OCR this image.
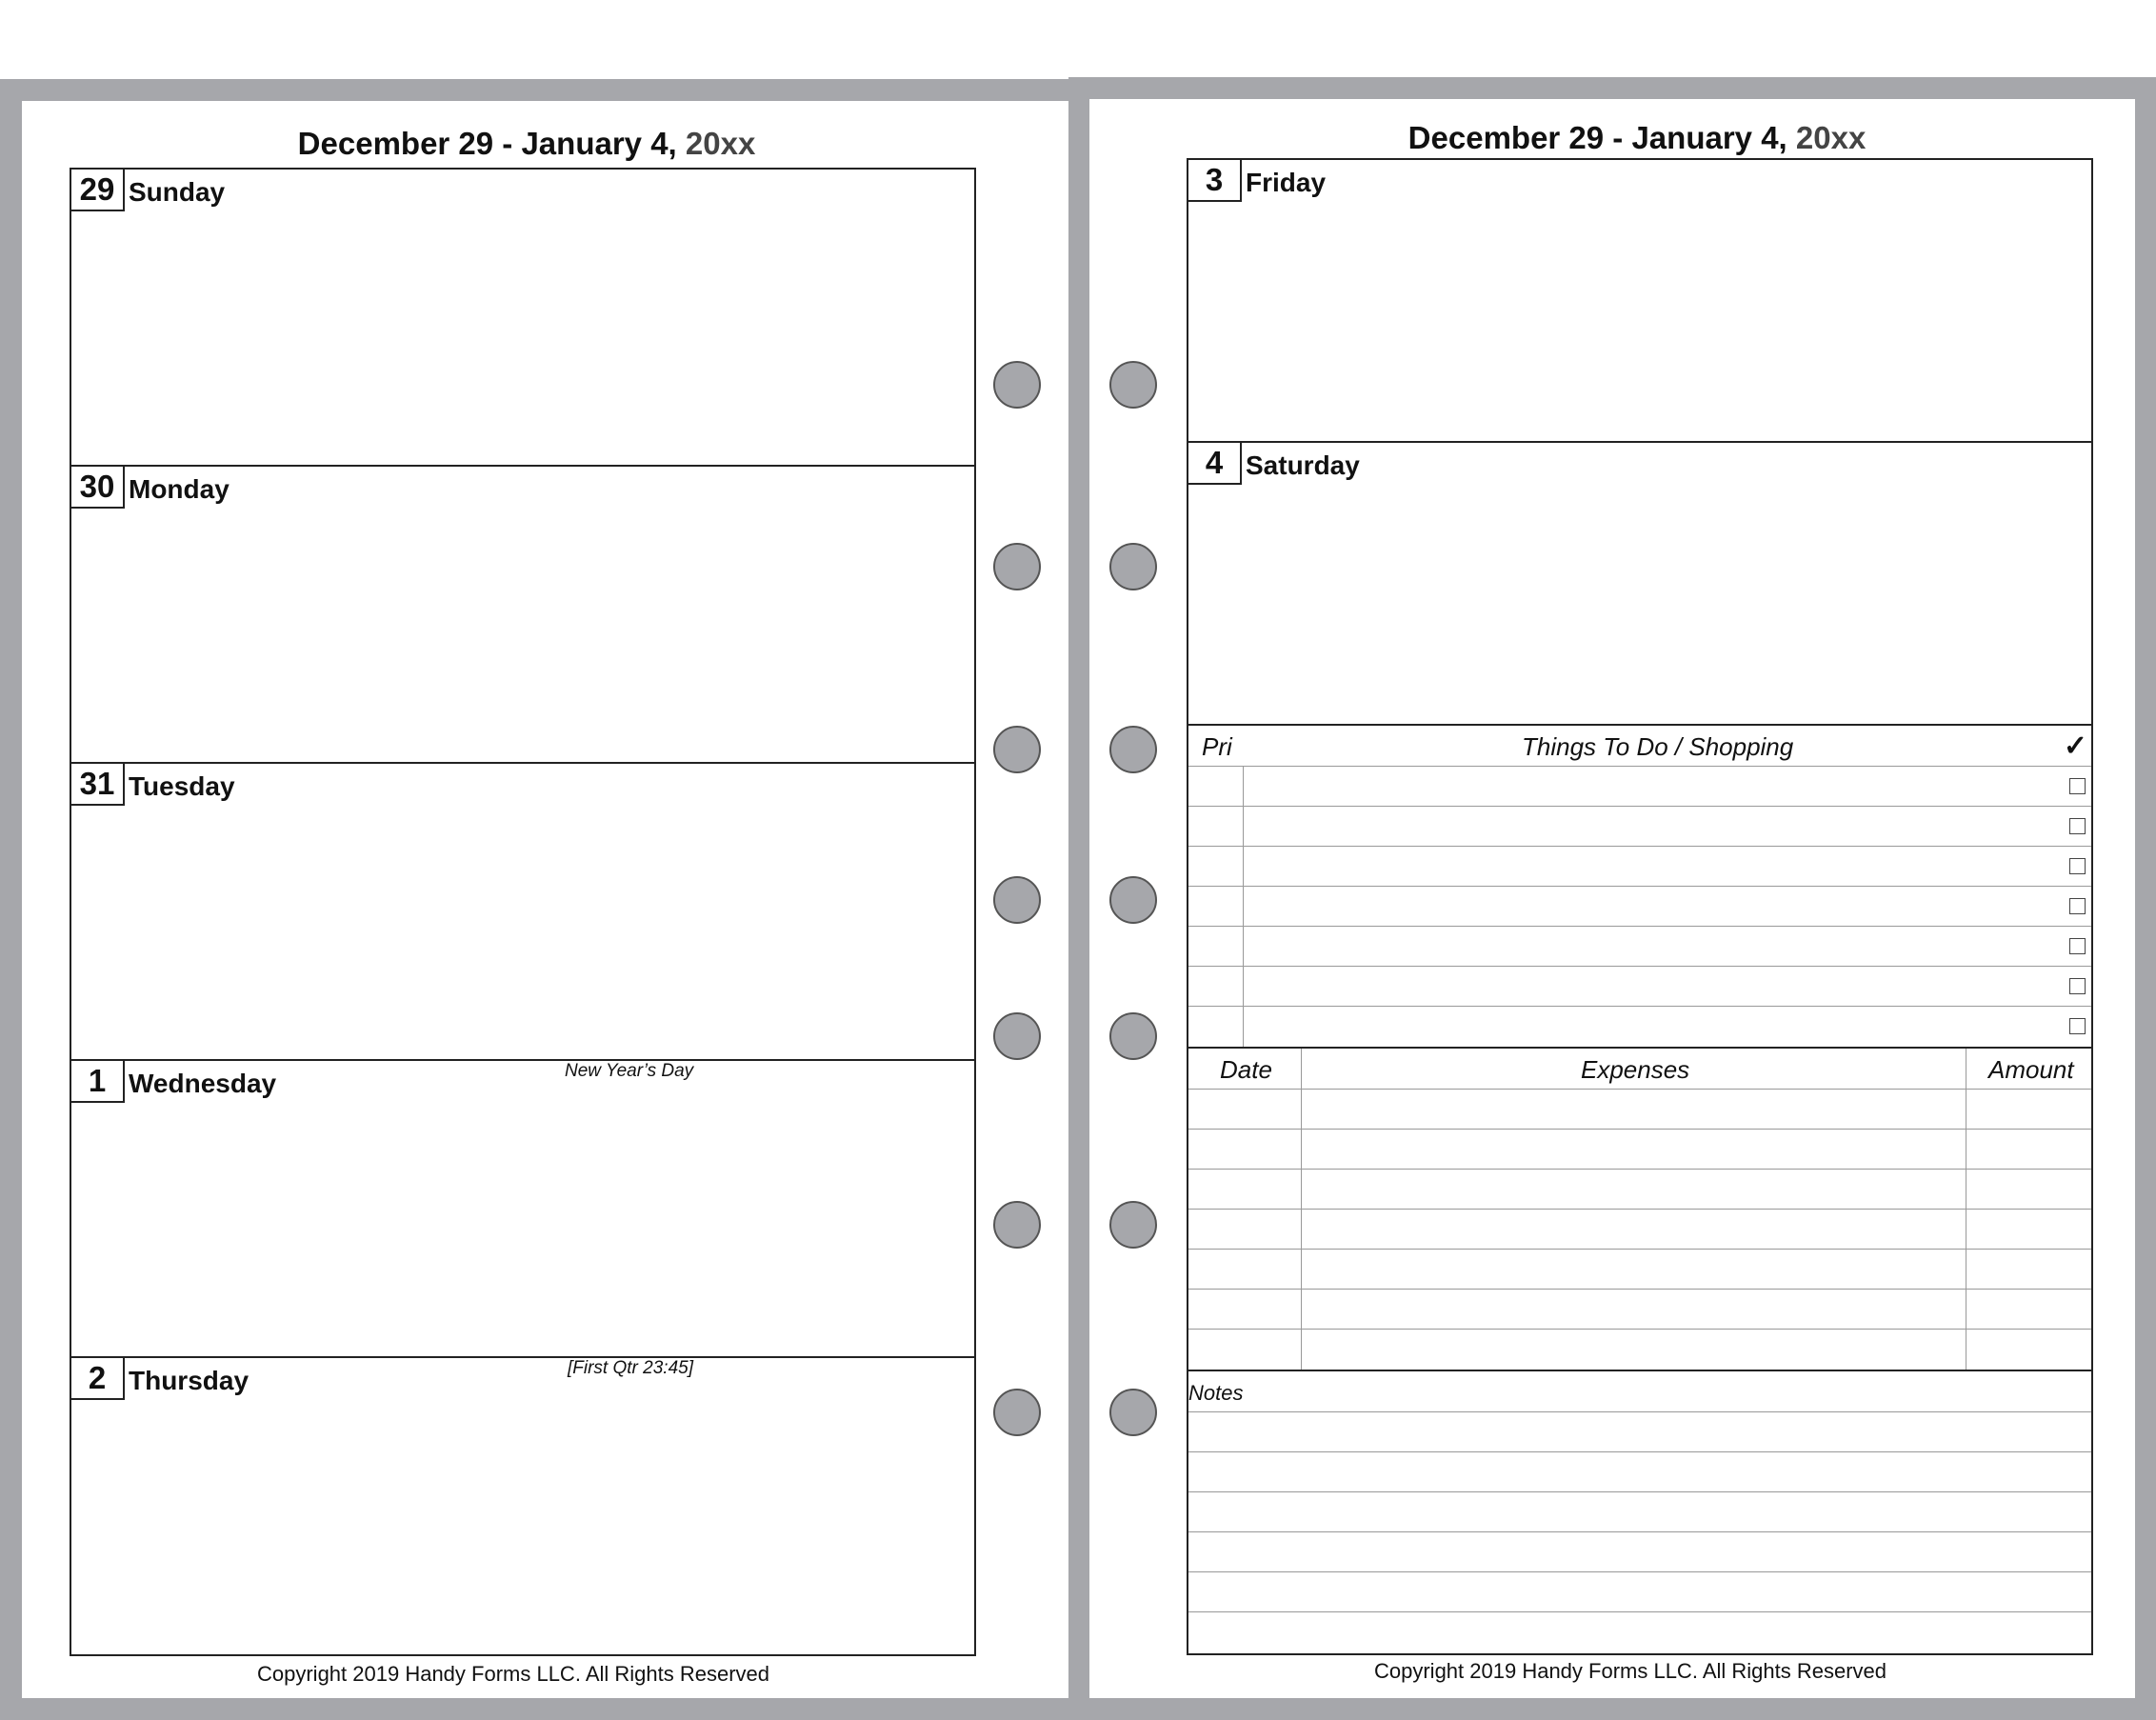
December 29 - January 4, 20xx
29 Sunday
30 Monday
31 Tuesday
1 Wednesday	New Year’s Day
2 Thursday	[First Qtr 23:45]
Copyright 2019 Handy Forms LLC. All Rights Reserved
December 29 - January 4, 20xx
3 Friday
4 Saturday
Pri	Things To Do / Shopping	✓
Date	Expenses	Amount
Notes
Copyright 2019 Handy Forms LLC. All Rights Reserved
